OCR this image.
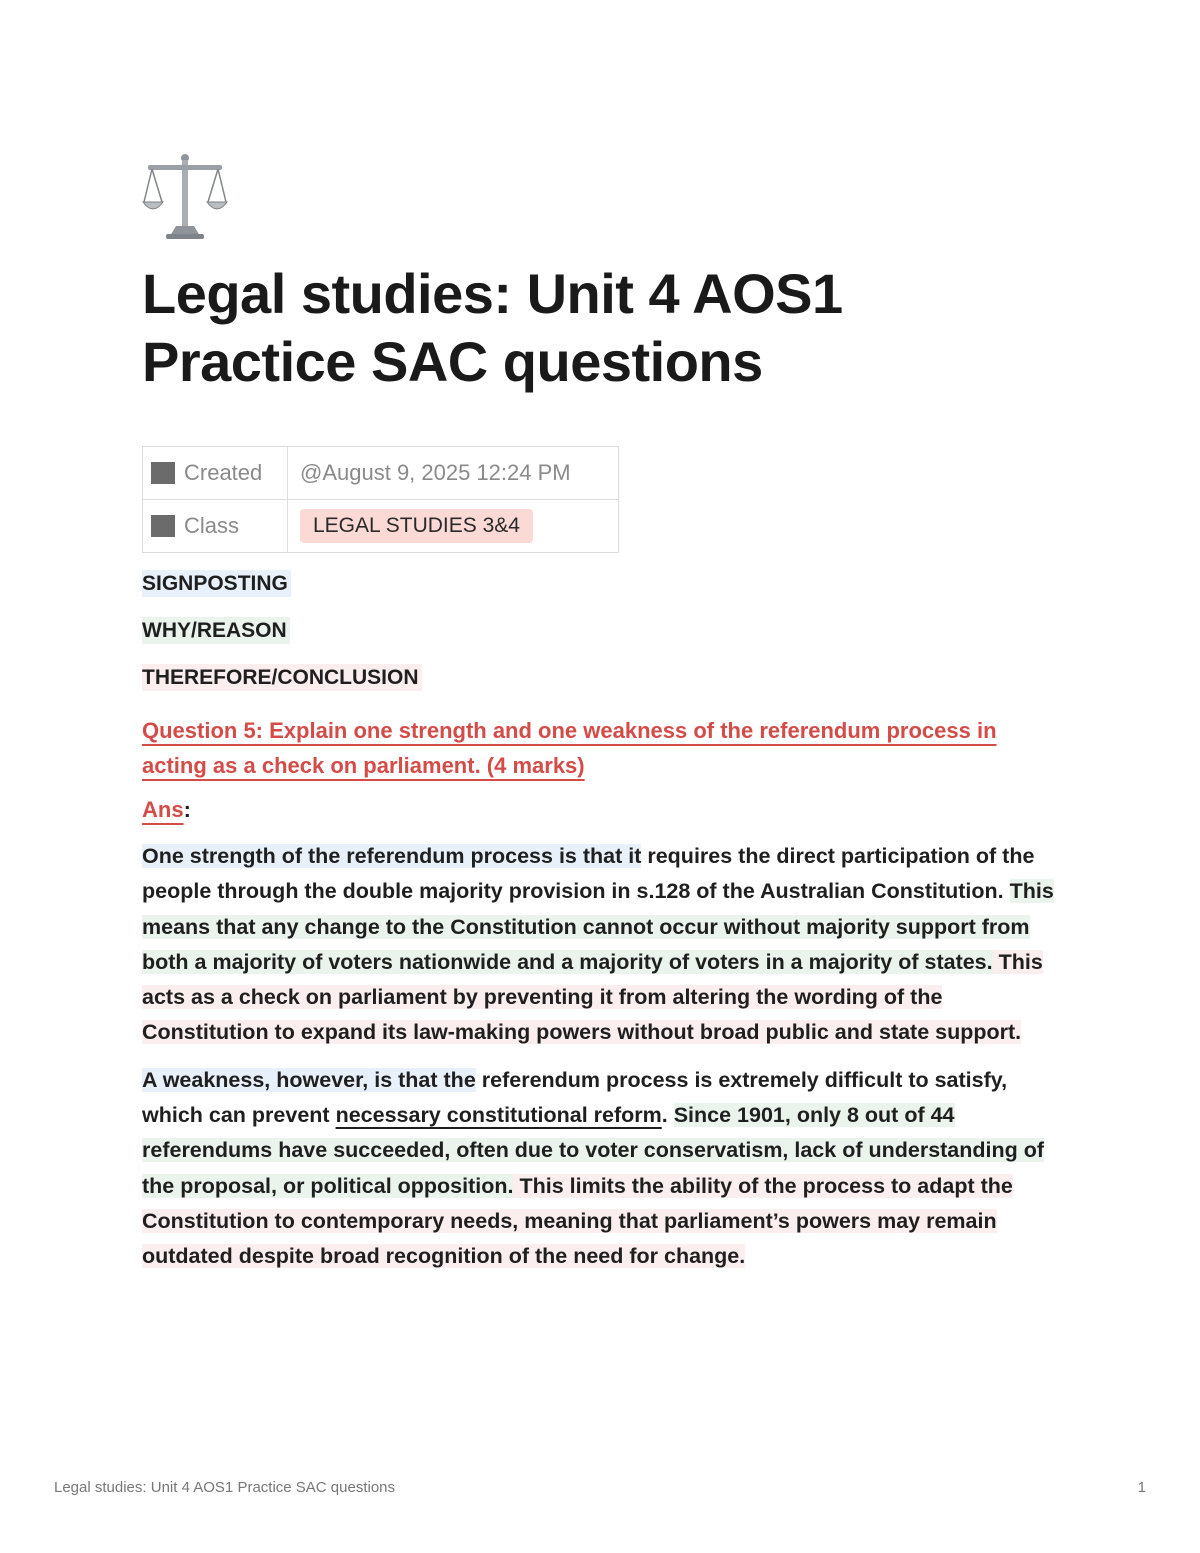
Legal studies: Unit 4 AOS1
Practice SAC questions
Created	@August 9, 2025 12:24 PM
Class	LEGAL STUDIES 3&4

SIGNPOSTING

WHY/REASON

THEREFORE/CONCLUSION

Question 5: Explain one strength and one weakness of the referendum process in acting as a check on parliament. (4 marks)
Ans:
One strength of the referendum process is that it requires the direct participation of the people through the double majority provision in s.128 of the Australian Constitution. This means that any change to the Constitution cannot occur without majority support from both a majority of voters nationwide and a majority of voters in a majority of states. This acts as a check on parliament by preventing it from altering the wording of the Constitution to expand its law-making powers without broad public and state support.
A weakness, however, is that the referendum process is extremely difficult to satisfy, which can prevent necessary constitutional reform. Since 1901, only 8 out of 44 referendums have succeeded, often due to voter conservatism, lack of understanding of the proposal, or political opposition. This limits the ability of the process to adapt the Constitution to contemporary needs, meaning that parliament’s powers may remain outdated despite broad recognition of the need for change.
Legal studies: Unit 4 AOS1 Practice SAC questions	1
